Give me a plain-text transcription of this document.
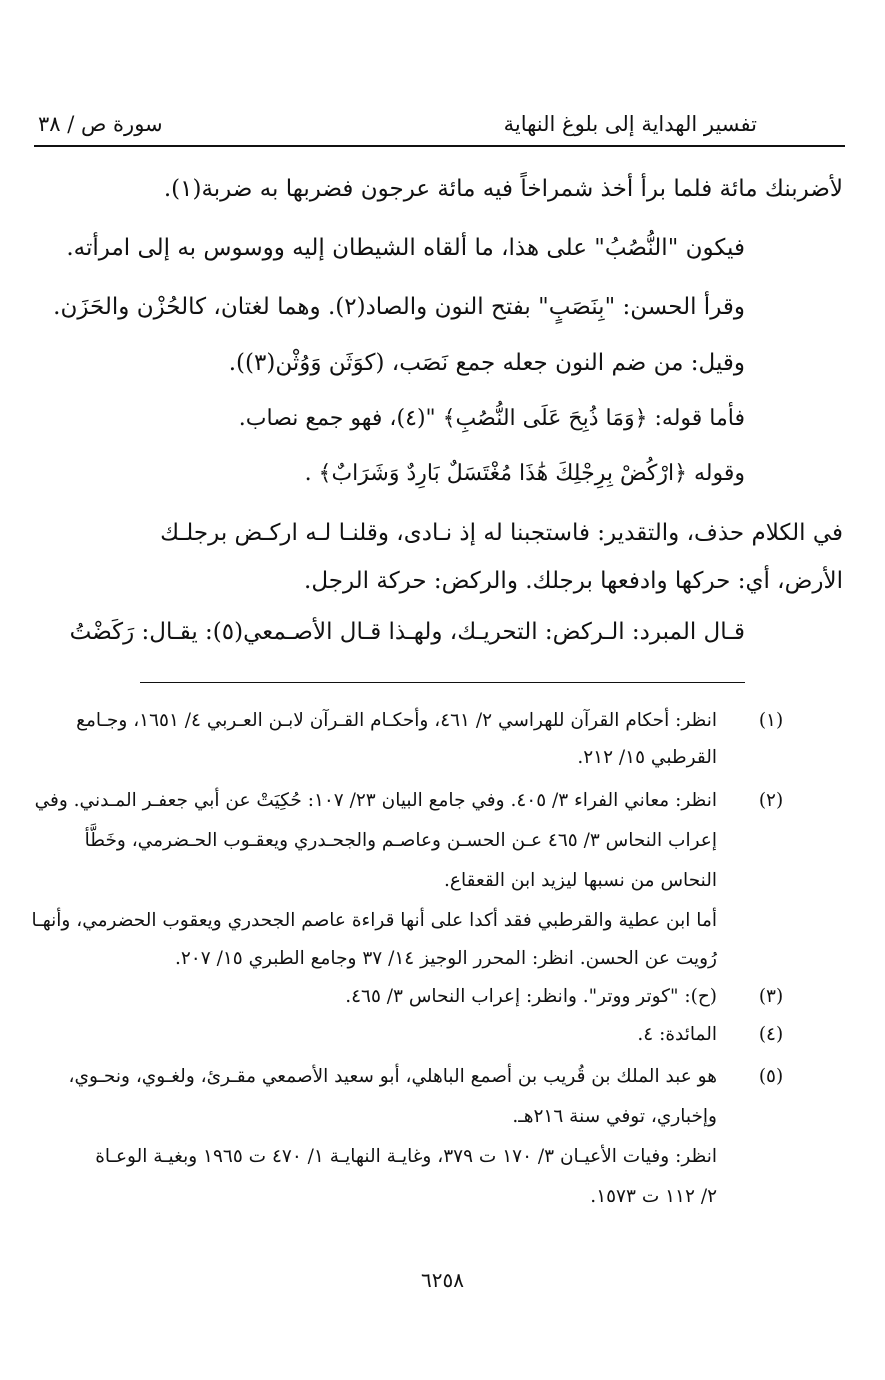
تفسير الهداية إلى بلوغ النهاية
سورة ص / ٣٨
لأضربنك مائة فلما برأ أخذ شمراخاً فيه مائة عرجون فضربها به ضربة(١).
فيكون "النُّصُبُ" على هذا، ما ألقاه الشيطان إليه ووسوس به إلى امرأته.
وقرأ الحسن: "بِنَصَبٍ" بفتح النون والصاد(٢). وهما لغتان، كالحُزْن والحَزَن.
وقيل: من ضم النون جعله جمع نَصَب، (كوَثَن وَوُثْن(٣)).
فأما قوله: ﴿وَمَا ذُبِحَ عَلَى النُّصُبِ﴾ "(٤)، فهو جمع نصاب.
وقوله ﴿ارْكُضْ بِرِجْلِكَ هَٰذَا مُغْتَسَلٌ بَارِدٌ وَشَرَابٌ﴾ .
في الكلام حذف، والتقدير: فاستجبنا له إذ نـادى، وقلنـا لـه اركـض برجلـك
الأرض، أي: حركها وادفعها برجلك. والركض: حركة الرجل.
قـال المبرد: الـركض: التحريـك، ولهـذا قـال الأصـمعي(٥): يقـال: رَكَضْتُ
(١)
انظر: أحكام القرآن للهراسي ٢/ ٤٦١، وأحكـام القـرآن لابـن العـربي ٤/ ١٦٥١، وجـامع
القرطبي ١٥/ ٢١٢.
(٢)
انظر: معاني الفراء ٣/ ٤٠٥. وفي جامع البيان ٢٣/ ١٠٧: حُكِيَتْ عن أبي جعفـر المـدني. وفي
إعراب النحاس ٣/ ٤٦٥ عـن الحسـن وعاصـم والجحـدري ويعقـوب الحـضرمي، وخَطَّأ
النحاس من نسبها ليزيد ابن القعقاع.
أما ابن عطية والقرطبي فقد أكدا على أنها قراءة عاصم الجحدري ويعقوب الحضرمي، وأنهـا
رُويت عن الحسن. انظر: المحرر الوجيز ١٤/ ٣٧ وجامع الطبري ١٥/ ٢٠٧.
(٣)
(ح): "كوتر ووتر". وانظر: إعراب النحاس ٣/ ٤٦٥.
(٤)
المائدة: ٤.
(٥)
هو عبد الملك بن قُريب بن أصمع الباهلي، أبو سعيد الأصمعي مقـرئ، ولغـوي، ونحـوي،
وإخباري، توفي سنة ٢١٦هـ.
انظر: وفيات الأعيـان ٣/ ١٧٠ ت ٣٧٩، وغايـة النهايـة ١/ ٤٧٠ ت ١٩٦٥ وبغيـة الوعـاة
٢/ ١١٢ ت ١٥٧٣.
٦٢٥٨
